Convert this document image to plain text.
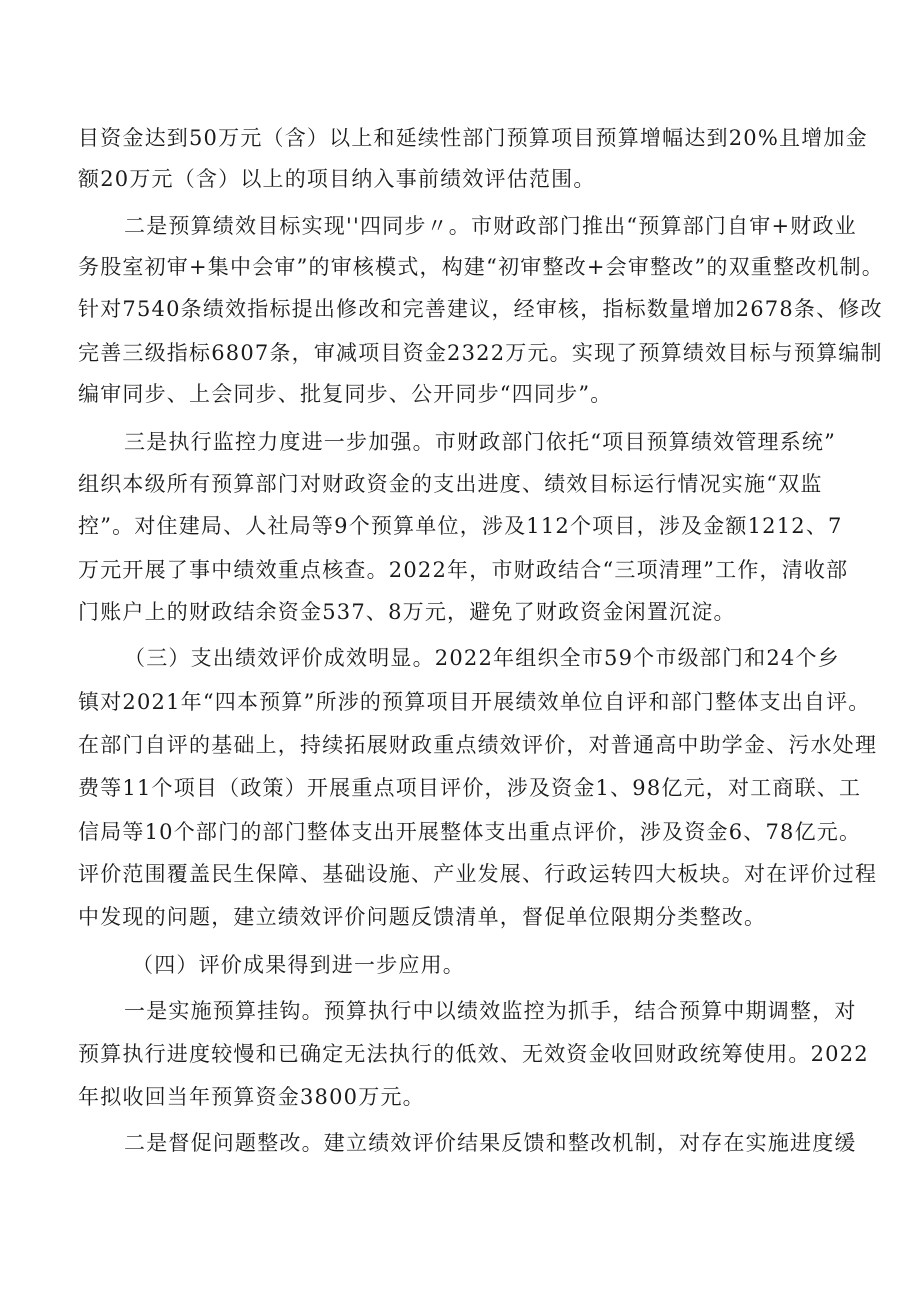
目资金达到50万元（含）以上和延续性部门预算项目预算增幅达到20%且增加金
额20万元（含）以上的项目纳入事前绩效评估范围。
二是预算绩效目标实现''四同步〃。市财政部门推出“预算部门自审+财政业
务股室初审+集中会审”的审核模式，构建“初审整改+会审整改”的双重整改机制。
针对7540条绩效指标提出修改和完善建议，经审核，指标数量增加2678条、修改
完善三级指标6807条，审减项目资金2322万元。实现了预算绩效目标与预算编制
编审同步、上会同步、批复同步、公开同步“四同步”。
三是执行监控力度进一步加强。市财政部门依托“项目预算绩效管理系统”
组织本级所有预算部门对财政资金的支出进度、绩效目标运行情况实施“双监
控”。对住建局、人社局等9个预算单位，涉及112个项目，涉及金额1212、7
万元开展了事中绩效重点核查。2022年，市财政结合“三项清理”工作，清收部
门账户上的财政结余资金537、8万元，避免了财政资金闲置沉淀。
（三）支出绩效评价成效明显。2022年组织全市59个市级部门和24个乡
镇对2021年“四本预算”所涉的预算项目开展绩效单位自评和部门整体支出自评。
在部门自评的基础上，持续拓展财政重点绩效评价，对普通高中助学金、污水处理
费等11个项目（政策）开展重点项目评价，涉及资金1、98亿元，对工商联、工
信局等10个部门的部门整体支出开展整体支出重点评价，涉及资金6、78亿元。
评价范围覆盖民生保障、基础设施、产业发展、行政运转四大板块。对在评价过程
中发现的问题，建立绩效评价问题反馈清单，督促单位限期分类整改。
（四）评价成果得到进一步应用。
一是实施预算挂钩。预算执行中以绩效监控为抓手，结合预算中期调整，对
预算执行进度较慢和已确定无法执行的低效、无效资金收回财政统筹使用。2022
年拟收回当年预算资金3800万元。
二是督促问题整改。建立绩效评价结果反馈和整改机制，对存在实施进度缓
